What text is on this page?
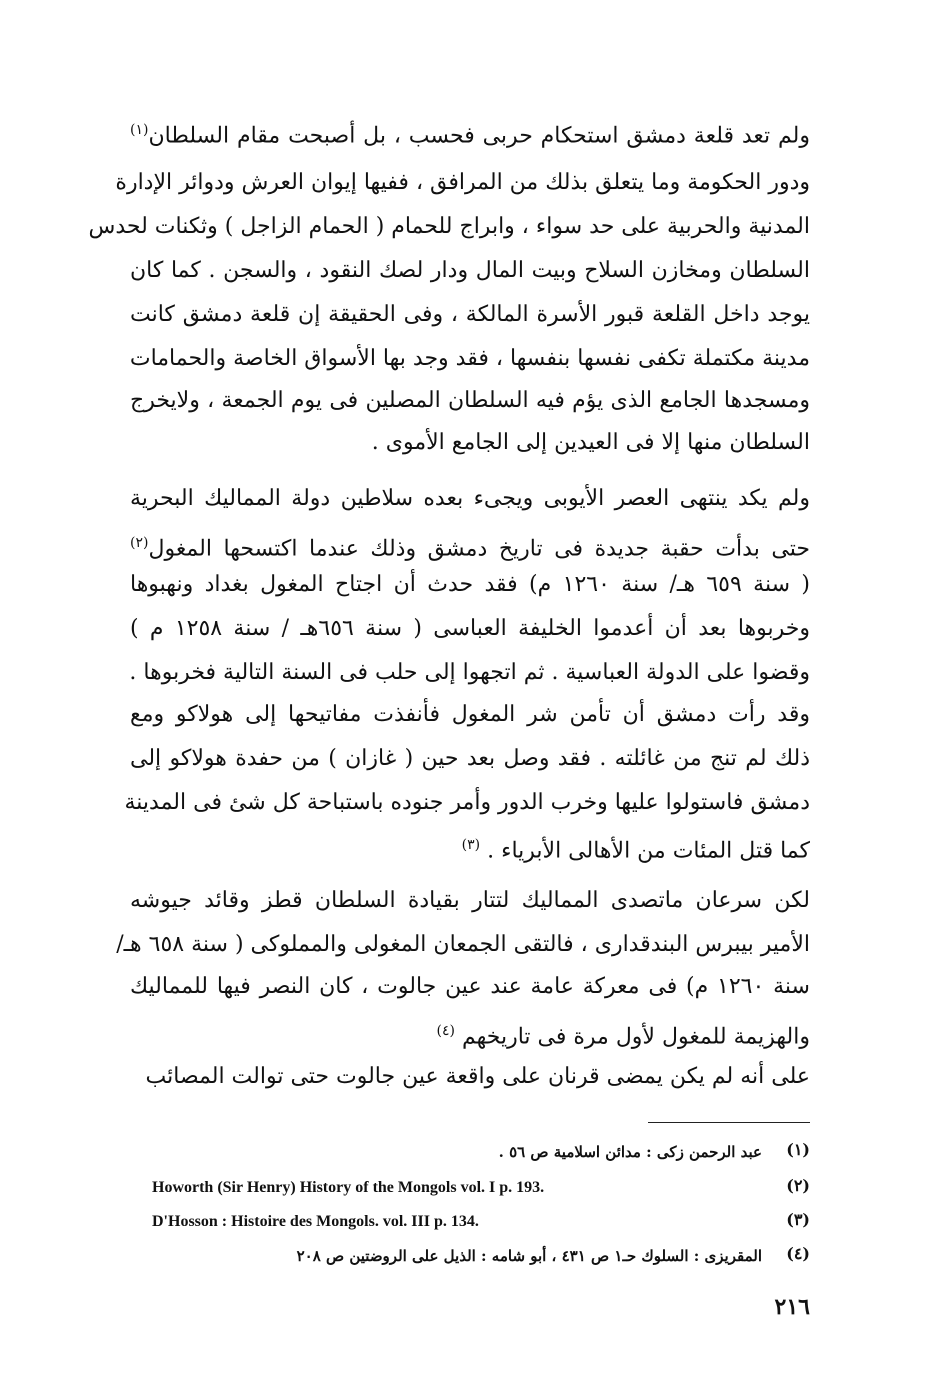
ولم تعد قلعة دمشق استحكام حربى فحسب ، بل أصبحت مقام السلطان$^{(١)}$
ودور الحكومة وما يتعلق بذلك من المرافق ، ففيها إيوان العرش ودوائر الإدارة
المدنية والحربية على حد سواء ، وابراج للحمام ( الحمام الزاجل ) وثكنات لحدس
السلطان ومخازن السلاح وبيت المال ودار لصك النقود ، والسجن . كما كان
يوجد داخل القلعة قبور الأسرة المالكة ، وفى الحقيقة إن قلعة دمشق كانت
مدينة مكتملة تكفى نفسها بنفسها ، فقد وجد بها الأسواق الخاصة والحمامات
ومسجدها الجامع الذى يؤم فيه السلطان المصلين فى يوم الجمعة ، ولايخرج
السلطان منها إلا فى العيدين إلى الجامع الأموى .
ولم يكد ينتهى العصر الأيوبى ويجىء بعده سلاطين دولة المماليك البحرية
حتى بدأت حقبة جديدة فى تاريخ دمشق وذلك عندما اكتسحها المغول$^{(٢)}$
( سنة ٦٥٩ هـ/ سنة ١٢٦٠ م) فقد حدث أن اجتاح المغول بغداد ونهبوها
وخربوها بعد أن أعدموا الخليفة العباسى ( سنة ٦٥٦هـ / سنة ١٢٥٨ م )
وقضوا على الدولة العباسية . ثم اتجهوا إلى حلب فى السنة التالية فخربوها .
وقد رأت دمشق أن تأمن شر المغول فأنفذت مفاتيحها إلى هولاكو ومع
ذلك لم تنج من غائلته . فقد وصل بعد حين ( غازان ) من حفدة هولاكو إلى
دمشق فاستولوا عليها وخرب الدور وأمر جنوده باستباحة كل شئ فى المدينة
كما قتل المئات من الأهالى الأبرياء . $^{(٣)}$
لكن سرعان ماتصدى المماليك لتتار بقيادة السلطان قطز وقائد جيوشه
الأمير بيبرس البندقدارى ، فالتقى الجمعان المغولى والمملوكى ( سنة ٦٥٨ هـ/
سنة ١٢٦٠ م) فى معركة عامة عند عين جالوت ، كان النصر فيها للمماليك
والهزيمة للمغول لأول مرة فى تاريخهم $^{(٤)}$
على أنه لم يكن يمضى قرنان على واقعة عين جالوت حتى توالت المصائب
(١)
عبد الرحمن زكى : مدائن اسلامية ص ٥٦ .
(٢)
Howorth (Sir Henry) History of the Mongols vol. I p. 193.
(٣)
D'Hosson : Histoire des Mongols. vol. III p. 134.
(٤)
المقريزى : السلوك حـ١ ص ٤٣١ ، أبو شامه : الذيل على الروضتين ص ٢٠٨
٢١٦
